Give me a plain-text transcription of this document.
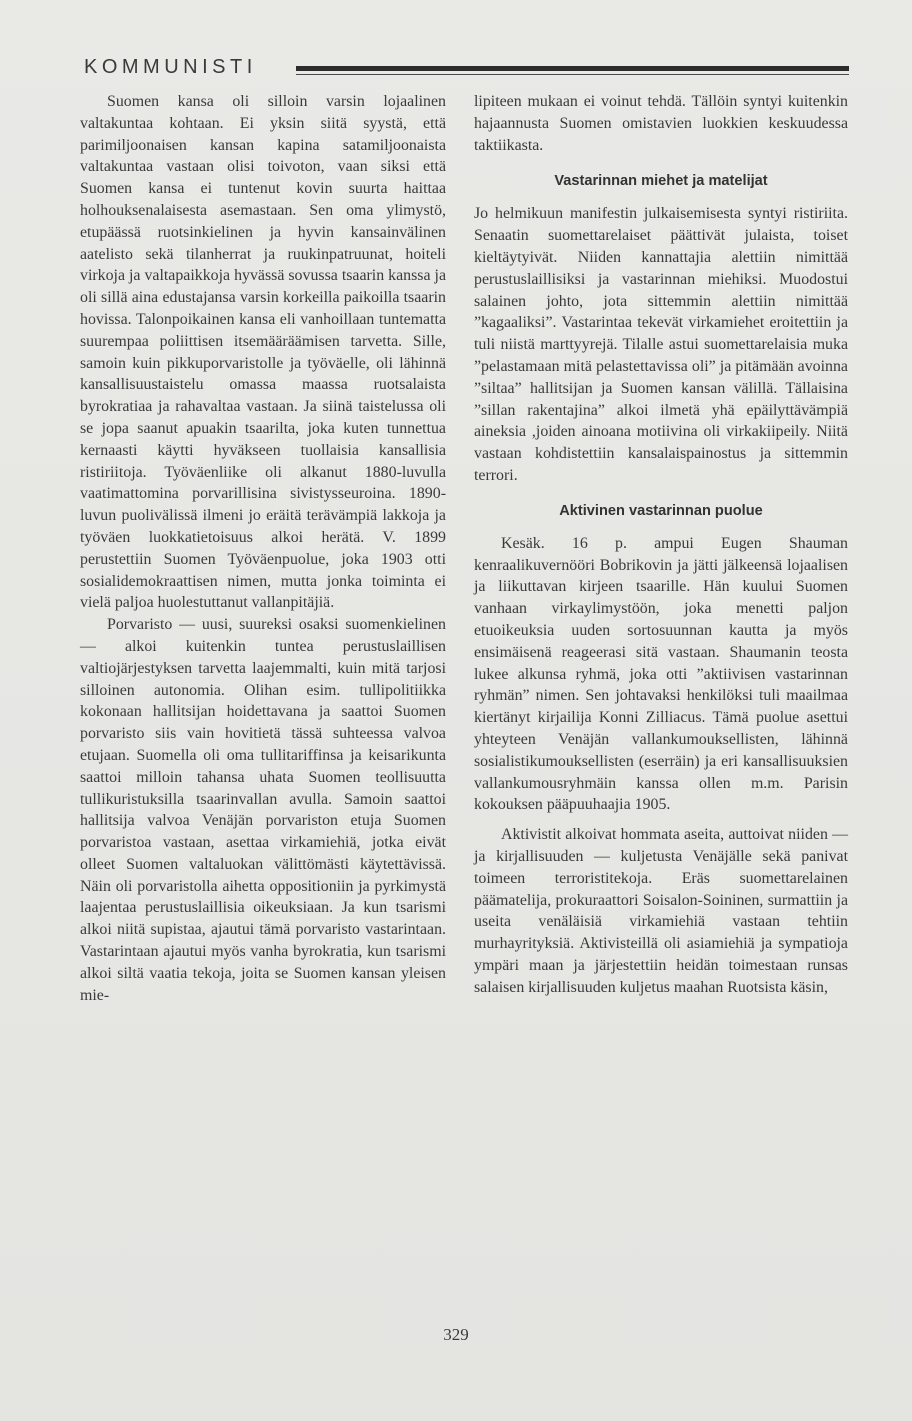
KOMMUNISTI

Suomen kansa oli silloin varsin lojaalinen valtakuntaa kohtaan. Ei yksin siitä syystä, että parimiljoonaisen kansan kapina satamiljoonaista valtakuntaa vastaan olisi toivoton, vaan siksi että Suomen kansa ei tuntenut kovin suurta haittaa holhouksenalaisesta asemastaan. Sen oma ylimystö, etupäässä ruotsinkielinen ja hyvin kansainvälinen aatelisto sekä tilanherrat ja ruukinpatruunat, hoiteli virkoja ja valtapaikkoja hyvässä sovussa tsaarin kanssa ja oli sillä aina edustajansa varsin korkeilla paikoilla tsaarin hovissa. Talonpoikainen kansa eli vanhoillaan tuntematta suurempaa poliittisen itsemääräämisen tarvetta. Sille, samoin kuin pikkuporvaristolle ja työväelle, oli lähinnä kansallisuustaistelu omassa maassa ruotsalaista byrokratiaa ja rahavaltaa vastaan. Ja siinä taistelussa oli se jopa saanut apuakin tsaarilta, joka kuten tunnettua kernaasti käytti hyväkseen tuollaisia kansallisia ristiriitoja. Työväenliike oli alkanut 1880-luvulla vaatimattomina porvarillisina sivistysseuroina. 1890-luvun puolivälissä ilmeni jo eräitä terävämpiä lakkoja ja työväen luokkatietoisuus alkoi herätä. V. 1899 perustettiin Suomen Työväenpuolue, joka 1903 otti sosialidemokraattisen nimen, mutta jonka toiminta ei vielä paljoa huolestuttanut vallanpitäjiä.

Porvaristo — uusi, suureksi osaksi suomenkielinen — alkoi kuitenkin tuntea perustuslaillisen valtiojärjestyksen tarvetta laajemmalti, kuin mitä tarjosi silloinen autonomia. Olihan esim. tullipolitiikka kokonaan hallitsijan hoidettavana ja saattoi Suomen porvaristo siis vain hovitietä tässä suhteessa valvoa etujaan. Suomella oli oma tullitariffinsa ja keisarikunta saattoi milloin tahansa uhata Suomen teollisuutta tullikuristuksilla tsaarinvallan avulla. Samoin saattoi hallitsija valvoa Venäjän porvariston etuja Suomen porvaristoa vastaan, asettaa virkamiehiä, jotka eivät olleet Suomen valtaluokan välittömästi käytettävissä. Näin oli porvaristolla aihetta oppositioniin ja pyrkimystä laajentaa perustuslaillisia oikeuksiaan. Ja kun tsarismi alkoi niitä supistaa, ajautui tämä porvaristo vastarintaan. Vastarintaan ajautui myös vanha byrokratia, kun tsarismi alkoi siltä vaatia tekoja, joita se Suomen kansan yleisen mie-

lipiteen mukaan ei voinut tehdä. Tällöin syntyi kuitenkin hajaannusta Suomen omistavien luokkien keskuudessa taktiikasta.

Vastarinnan miehet ja matelijat

Jo helmikuun manifestin julkaisemisesta syntyi ristiriita. Senaatin suomettarelaiset päättivät julaista, toiset kieltäytyivät. Niiden kannattajia alettiin nimittää perustuslaillisiksi ja vastarinnan miehiksi. Muodostui salainen johto, jota sittemmin alettiin nimittää ”kagaaliksi”. Vastarintaa tekevät virkamiehet eroitettiin ja tuli niistä marttyyrejä. Tilalle astui suomettarelaisia muka ”pelastamaan mitä pelastettavissa oli” ja pitämään avoinna ”siltaa” hallitsijan ja Suomen kansan välillä. Tällaisina ”sillan rakentajina” alkoi ilmetä yhä epäilyttävämpiä aineksia ,joiden ainoana motiivina oli virkakiipeily. Niitä vastaan kohdistettiin kansalaispainostus ja sittemmin terrori.

Aktivinen vastarinnan puolue

Kesäk. 16 p. ampui Eugen Shauman kenraalikuvernööri Bobrikovin ja jätti jälkeensä lojaalisen ja liikuttavan kirjeen tsaarille. Hän kuului Suomen vanhaan virkaylimystöön, joka menetti paljon etuoikeuksia uuden sortosuunnan kautta ja myös ensimäisenä reageerasi sitä vastaan. Shaumanin teosta lukee alkunsa ryhmä, joka otti ”aktiivisen vastarinnan ryhmän” nimen. Sen johtavaksi henkilöksi tuli maailmaa kiertänyt kirjailija Konni Zilliacus. Tämä puolue asettui yhteyteen Venäjän vallankumouksellisten, lähinnä sosialistikumouksellisten (eserräin) ja eri kansallisuuksien vallankumousryhmäin kanssa ollen m.m. Parisin kokouksen pääpuuhaajia 1905.

Aktivistit alkoivat hommata aseita, auttoivat niiden — ja kirjallisuuden — kuljetusta Venäjälle sekä panivat toimeen terroristitekoja. Eräs suomettarelainen päämatelija, prokuraattori Soisalon-Soininen, surmattiin ja useita venäläisiä virkamiehiä vastaan tehtiin murhayrityksiä. Aktivisteillä oli asiamiehiä ja sympatioja ympäri maan ja järjestettiin heidän toimestaan runsas salaisen kirjallisuuden kuljetus maahan Ruotsista käsin,

329
